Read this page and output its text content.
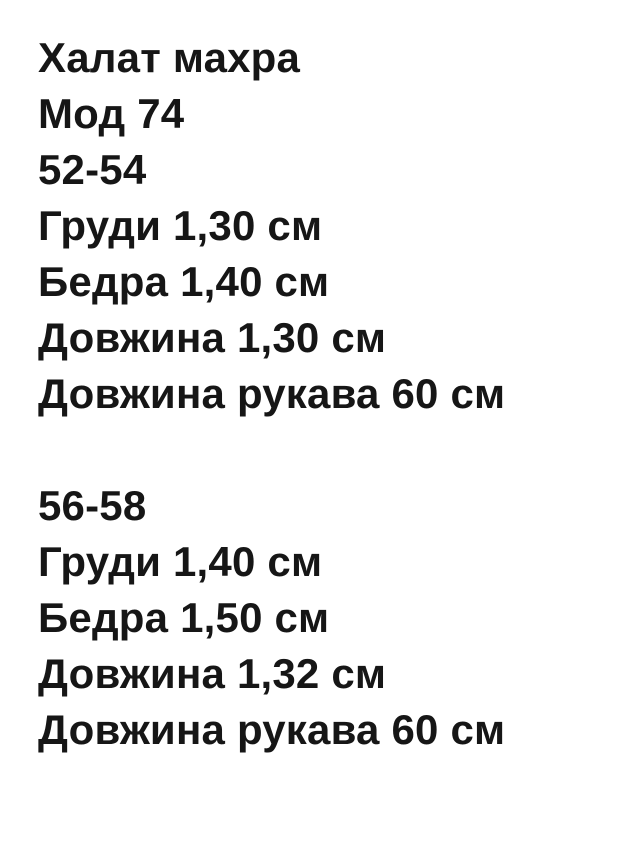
Халат махра
Мод 74
52-54
Груди 1,30 см
Бедра 1,40 см
Довжина 1,30 см
Довжина рукава 60 см
56-58
Груди 1,40 см
Бедра 1,50 см
Довжина 1,32 см
Довжина рукава 60 см
